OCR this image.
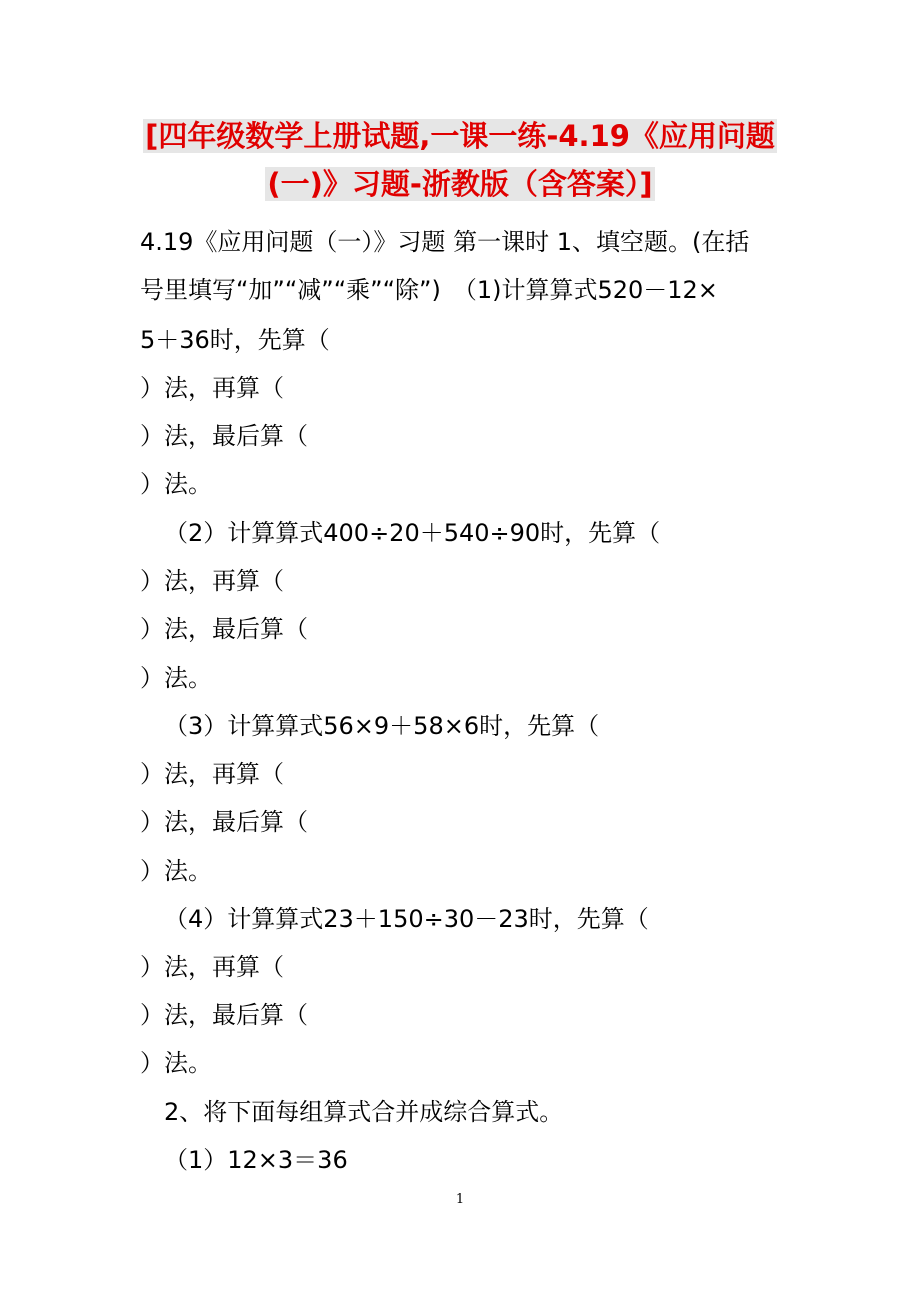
[四年级数学上册试题,一课一练-4.19《应用问题
(一)》习题-浙教版（含答案）]
4.19《应用问题（一）》习题 第一课时 1、填空题。(在括
号里填写“加”“减”“乘”“除”)　（1)计算算式520－12×
5＋36时，先算（
）法，再算（
）法，最后算（
）法。
（2）计算算式400÷20＋540÷90时，先算（
）法，再算（
）法，最后算（
）法。
（3）计算算式56×9＋58×6时，先算（
）法，再算（
）法，最后算（
）法。
（4）计算算式23＋150÷30－23时，先算（
）法，再算（
）法，最后算（
）法。
2、将下面每组算式合并成综合算式。
（1）12×3＝36
1
